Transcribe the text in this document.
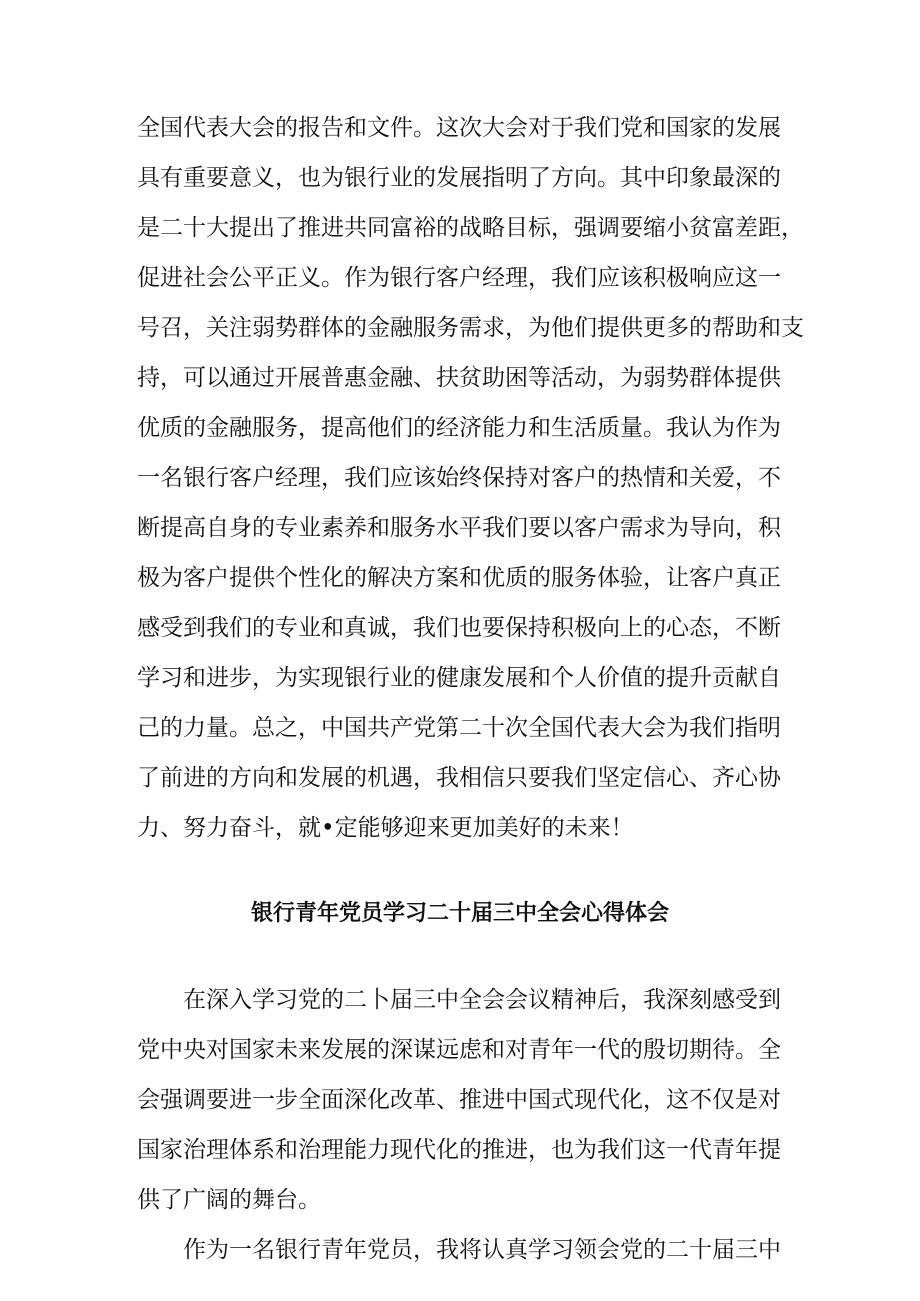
全国代表大会的报告和文件。这次大会对于我们党和国家的发展
具有重要意义，也为银行业的发展指明了方向。其中印象最深的
是二十大提出了推进共同富裕的战略目标，强调要缩小贫富差距，
促进社会公平正义。作为银行客户经理，我们应该积极响应这一
号召，关注弱势群体的金融服务需求，为他们提供更多的帮助和支
持，可以通过开展普惠金融、扶贫助困等活动，为弱势群体提供
优质的金融服务，提高他们的经济能力和生活质量。我认为作为
一名银行客户经理，我们应该始终保持对客户的热情和关爱，不
断提高自身的专业素养和服务水平我们要以客户需求为导向，积
极为客户提供个性化的解决方案和优质的服务体验，让客户真正
感受到我们的专业和真诚，我们也要保持积极向上的心态，不断
学习和进步，为实现银行业的健康发展和个人价值的提升贡献自
己的力量。总之，中国共产党第二十次全国代表大会为我们指明
了前进的方向和发展的机遇，我相信只要我们坚定信心、齐心协
力、努力奋斗，就•定能够迎来更加美好的未来！
银行青年党员学习二十届三中全会心得体会
在深入学习党的二卜届三中全会会议精神后，我深刻感受到
党中央对国家未来发展的深谋远虑和对青年一代的殷切期待。全
会强调要进一步全面深化改革、推进中国式现代化，这不仅是对
国家治理体系和治理能力现代化的推进，也为我们这一代青年提
供了广阔的舞台。
作为一名银行青年党员，我将认真学习领会党的二十届三中
